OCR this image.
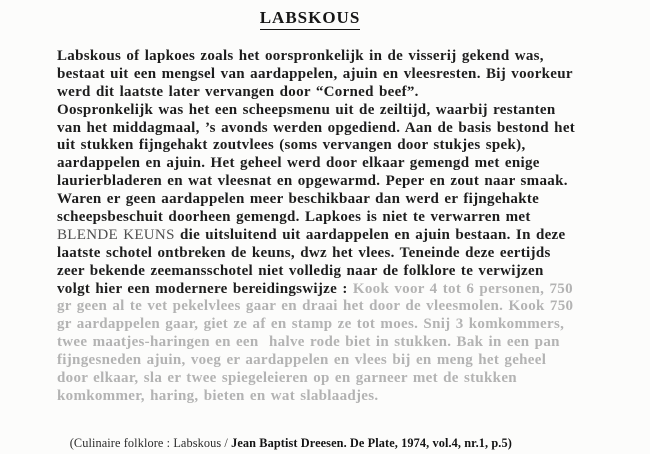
LABSKOUS
Labskous of lapkoes zoals het oorspronkelijk in de visserij gekend was,
bestaat uit een mengsel van aardappelen, ajuin en vleesresten. Bij voorkeur
werd dit laatste later vervangen door “Corned beef”.
Oospronkelijk was het een scheepsmenu uit de zeiltijd, waarbij restanten
van het middagmaal, ’s avonds werden opgediend. Aan de basis bestond het
uit stukken fijngehakt zoutvlees (soms vervangen door stukjes spek),
aardappelen en ajuin. Het geheel werd door elkaar gemengd met enige
laurierbladeren en wat vleesnat en opgewarmd. Peper en zout naar smaak.
Waren er geen aardappelen meer beschikbaar dan werd er fijngehakte
scheepsbeschuit doorheen gemengd. Lapkoes is niet te verwarren met
BLENDE KEUNS die uitsluitend uit aardappelen en ajuin bestaan. In deze
laatste schotel ontbreken de keuns, dwz het vlees. Teneinde deze eertijds
zeer bekende zeemansschotel niet volledig naar de folklore te verwijzen
volgt hier een modernere bereidingswijze : Kook voor 4 tot 6 personen, 750
gr geen al te vet pekelvlees gaar en draai het door de vleesmolen. Kook 750
gr aardappelen gaar, giet ze af en stamp ze tot moes. Snij 3 komkommers,
twee maatjes-haringen en een  halve rode biet in stukken. Bak in een pan
fijngesneden ajuin, voeg er aardappelen en vlees bij en meng het geheel
door elkaar, sla er twee spiegeleieren op en garneer met de stukken
komkommer, haring, bieten en wat slablaadjes.

(Culinaire folklore : Labskous / Jean Baptist Dreesen. De Plate, 1974, vol.4, nr.1, p.5)
